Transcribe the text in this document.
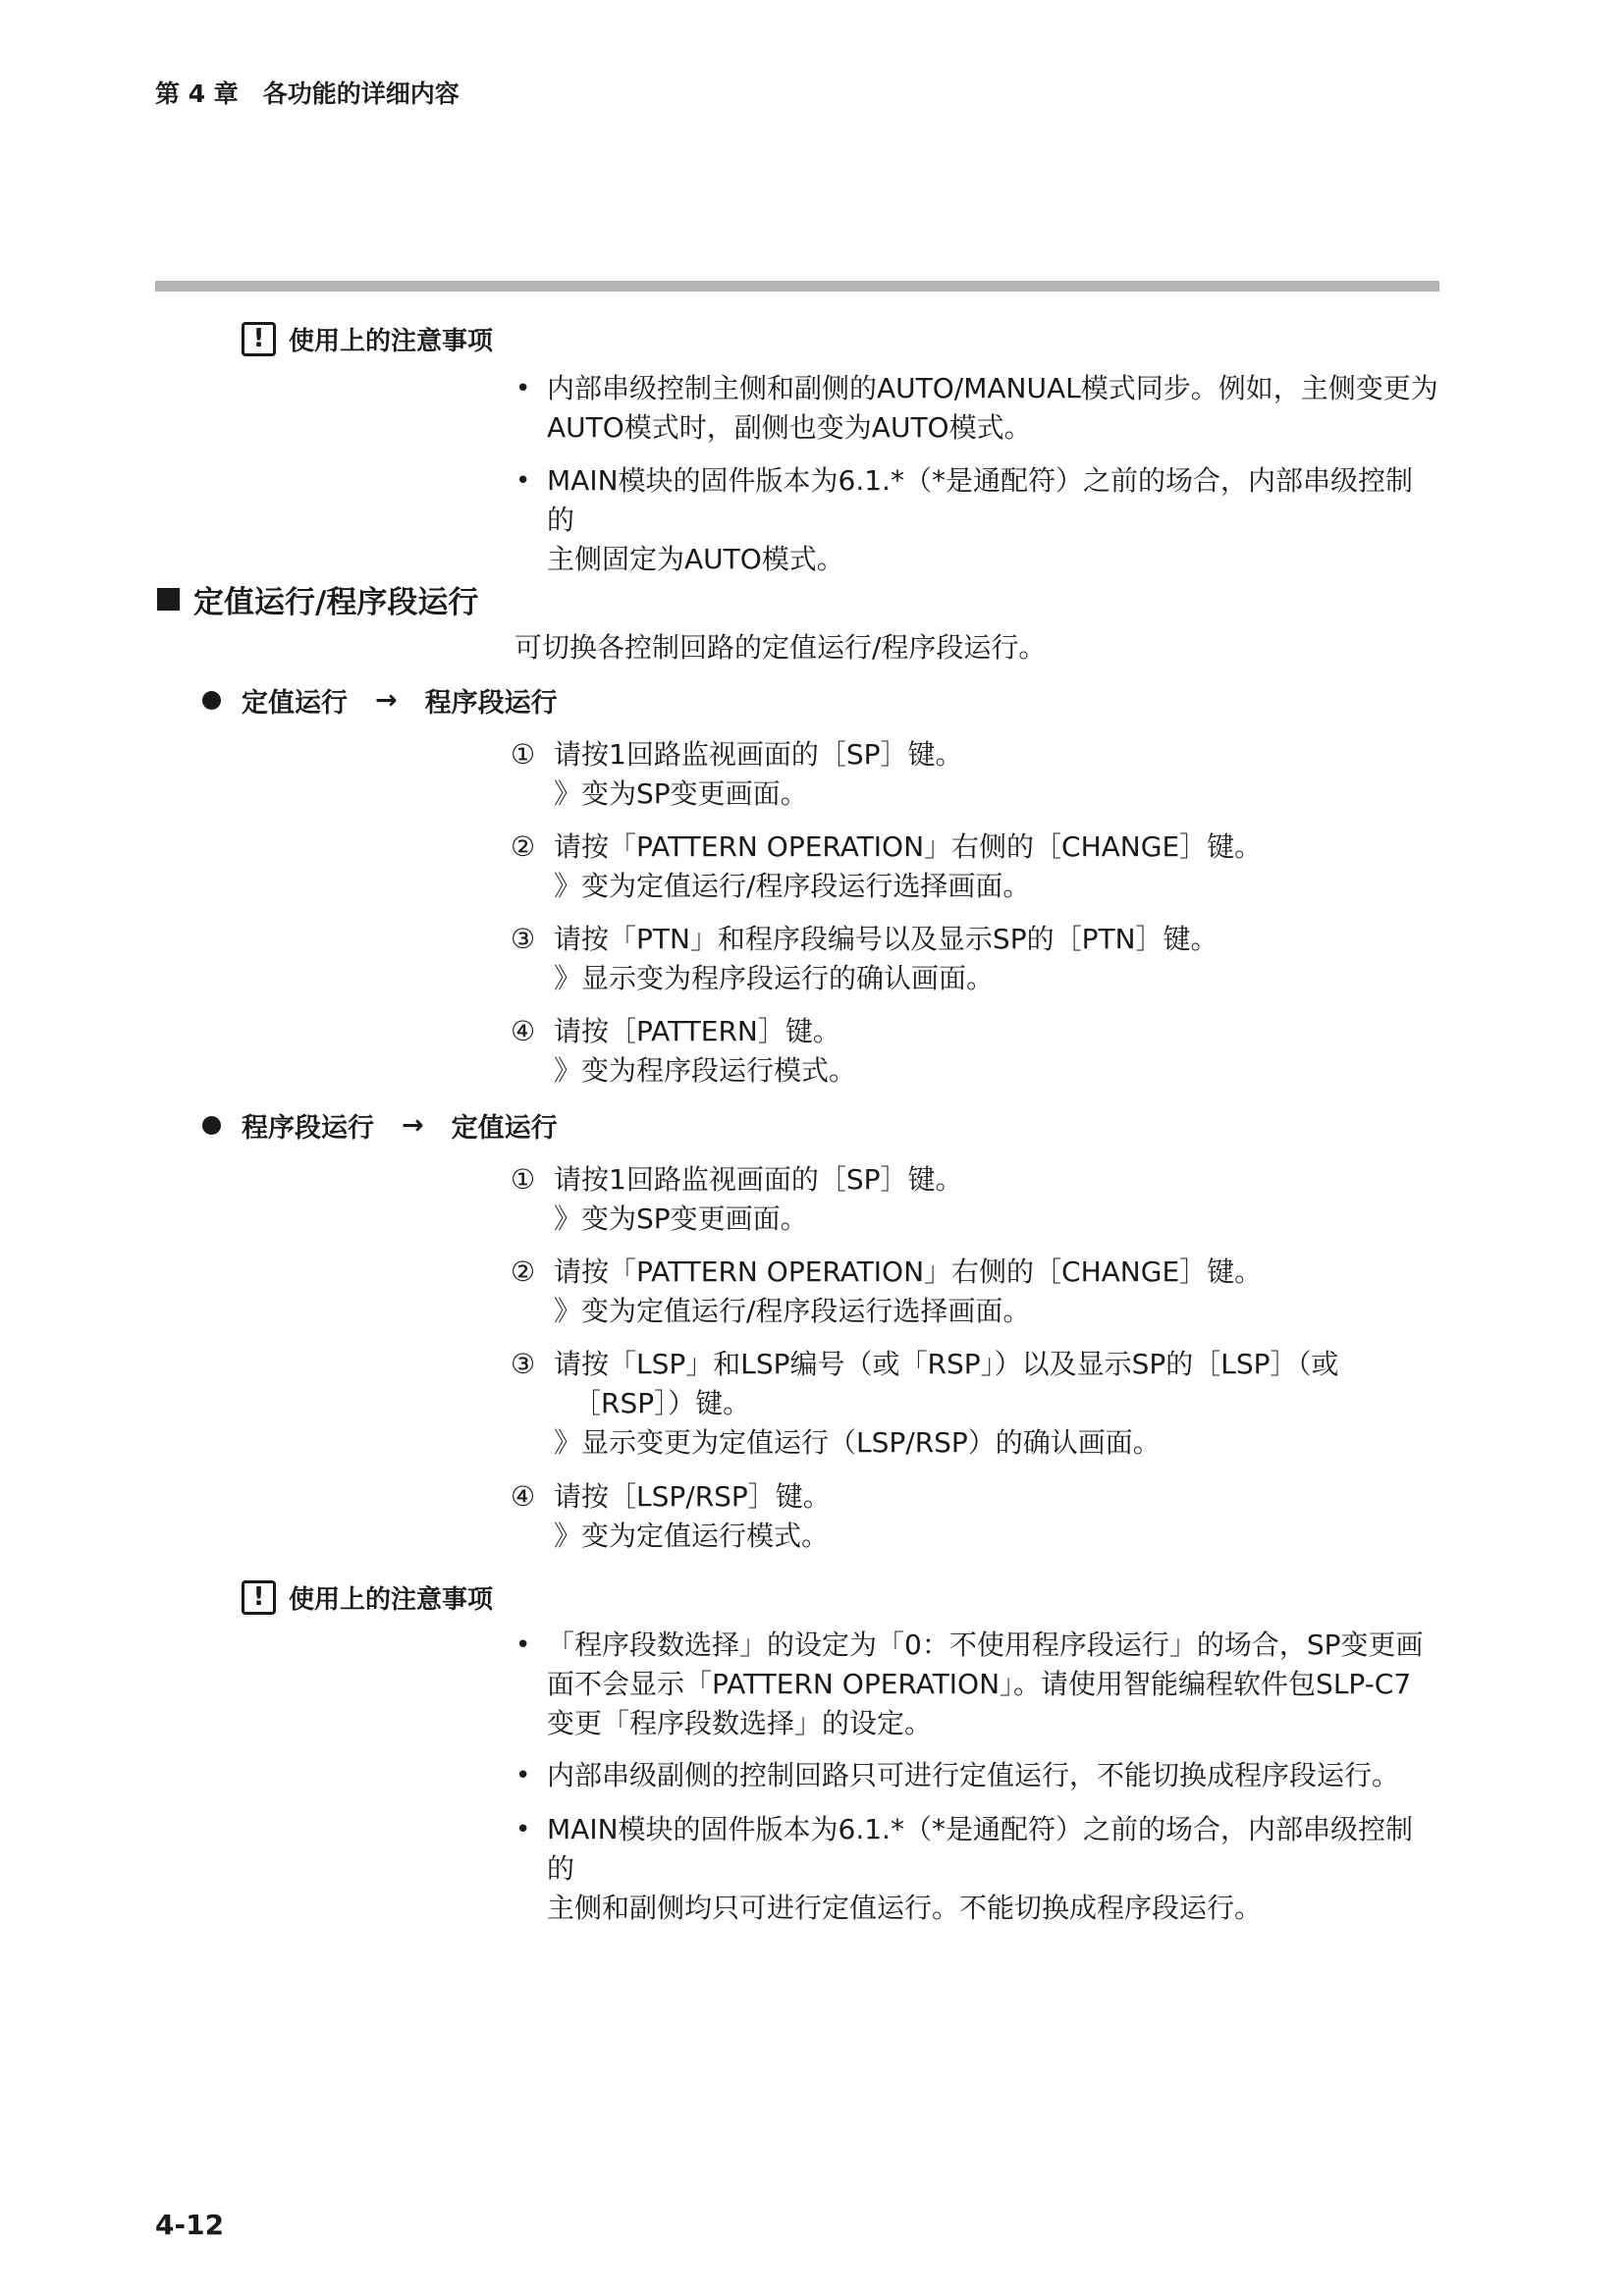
第 4 章　各功能的详细内容
! 使用上的注意事项
• 内部串级控制主侧和副侧的AUTO/MANUAL模式同步。例如，主侧变更为
AUTO模式时，副侧也变为AUTO模式。
• MAIN模块的固件版本为6.1.*（*是通配符）之前的场合，内部串级控制的
主侧固定为AUTO模式。
定值运行/程序段运行
可切换各控制回路的定值运行/程序段运行。
定值运行 → 程序段运行
① 请按1回路监视画面的［SP］键。
》变为SP变更画面。
② 请按「PATTERN OPERATION」右侧的［CHANGE］键。
》变为定值运行/程序段运行选择画面。
③ 请按「PTN」和程序段编号以及显示SP的［PTN］键。
》显示变为程序段运行的确认画面。
④ 请按［PATTERN］键。
》变为程序段运行模式。
程序段运行 → 定值运行
① 请按1回路监视画面的［SP］键。
》变为SP变更画面。
② 请按「PATTERN OPERATION」右侧的［CHANGE］键。
》变为定值运行/程序段运行选择画面。
③ 请按「LSP」和LSP编号（或「RSP」）以及显示SP的［LSP］（或
［RSP］）键。
》显示变更为定值运行（LSP/RSP）的确认画面。
④ 请按［LSP/RSP］键。
》变为定值运行模式。
! 使用上的注意事项
• 「程序段数选择」的设定为「0：不使用程序段运行」的场合，SP变更画
面不会显示「PATTERN OPERATION」。请使用智能编程软件包SLP-C7
变更「程序段数选择」的设定。
• 内部串级副侧的控制回路只可进行定值运行，不能切换成程序段运行。
• MAIN模块的固件版本为6.1.*（*是通配符）之前的场合，内部串级控制的
主侧和副侧均只可进行定值运行。不能切换成程序段运行。
4-12
